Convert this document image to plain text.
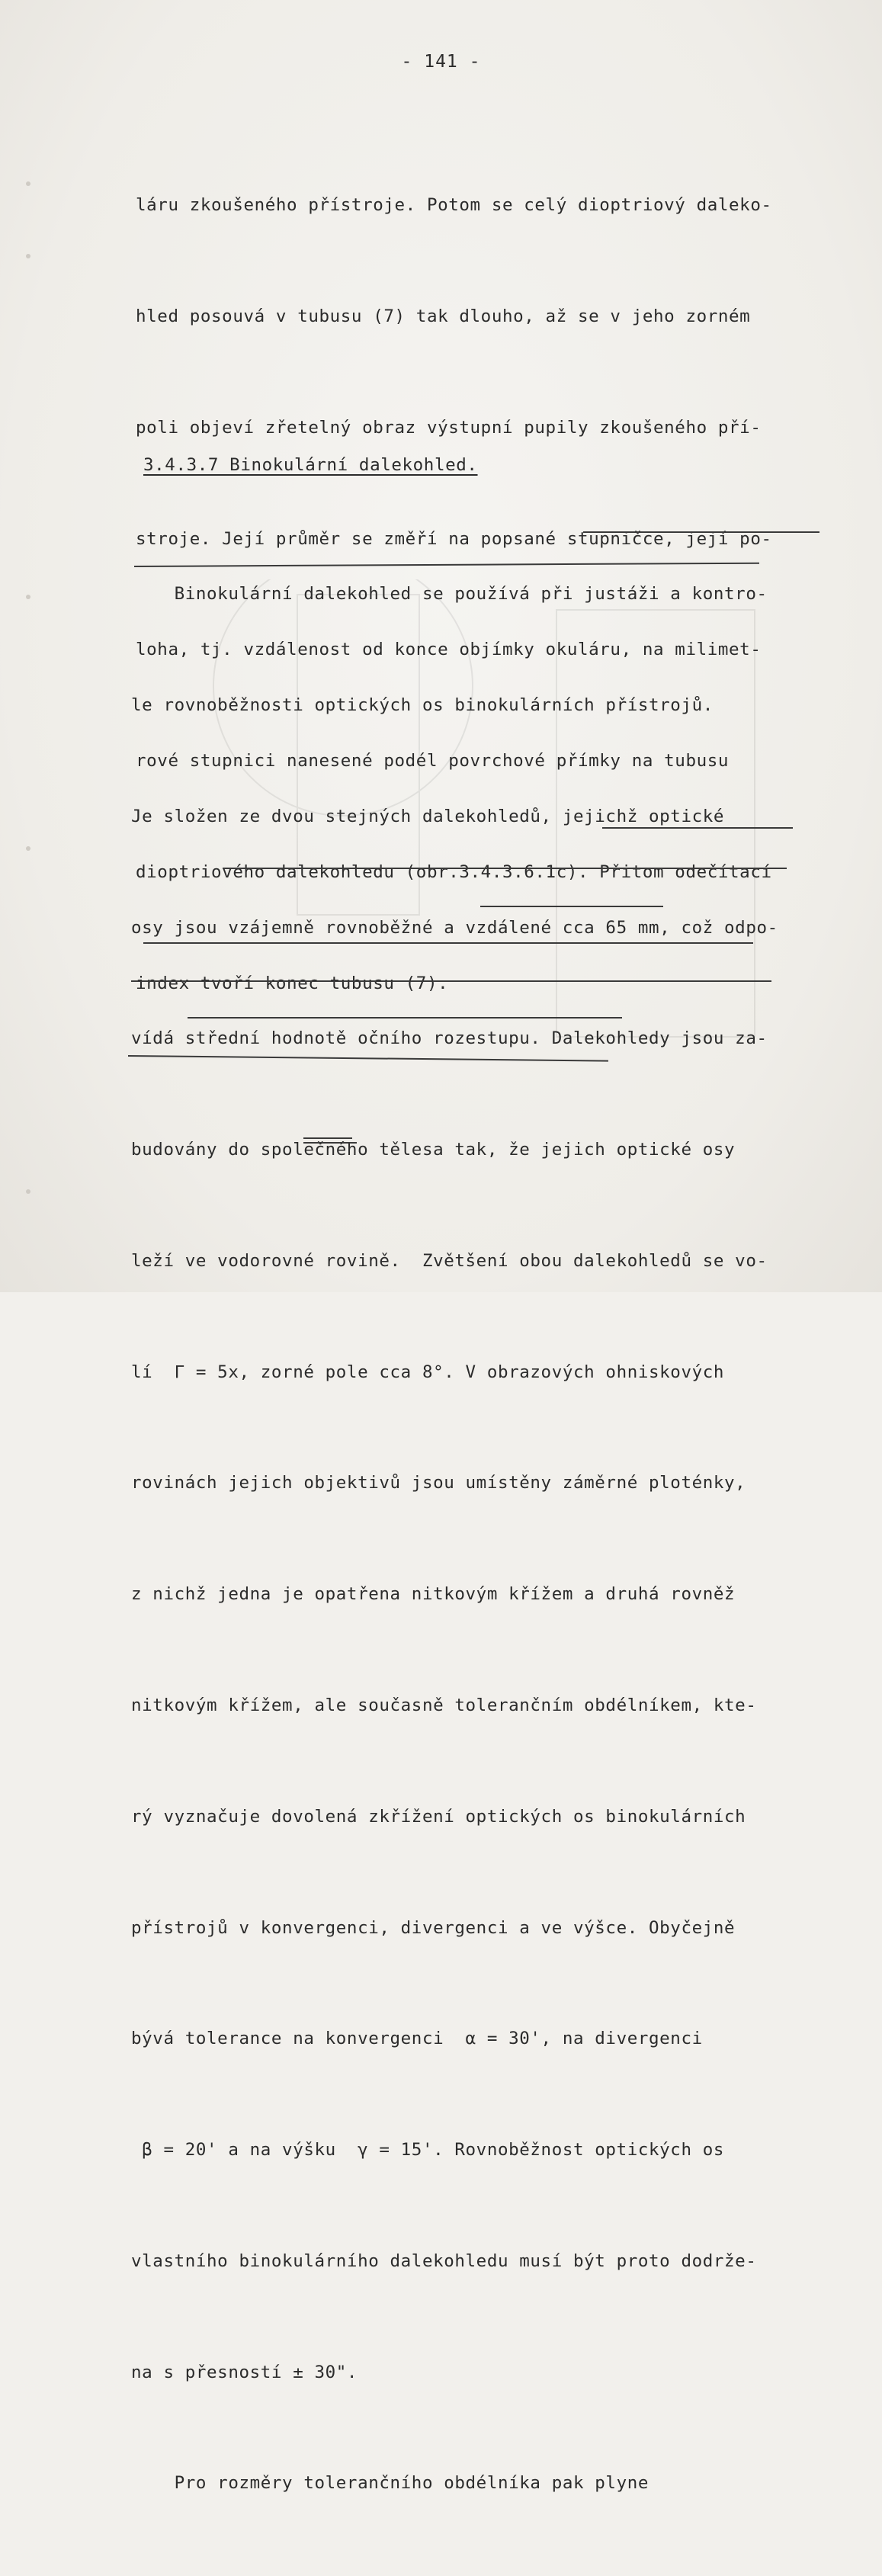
- 141 -

láru zkoušeného přístroje. Potom se celý dioptriový daleko-

hled posouvá v tubusu (7) tak dlouho, až se v jeho zorném

poli objeví zřetelný obraz výstupní pupily zkoušeného pří-

stroje. Její průměr se změří na popsané stupničce, její po-

loha, tj. vzdálenost od konce objímky okuláru, na milimet-

rové stupnici nanesené podél povrchové přímky na tubusu

dioptriového dalekohledu (obr.3.4.3.6.1c). Přitom odečítací

index tvoří konec tubusu (7).

3.4.3.7 Binokulární dalekohled.

Binokulární dalekohled se používá při justáži a kontro-

le rovnoběžnosti optických os binokulárních přístrojů.

Je složen ze dvou stejných dalekohledů, jejichž optické

osy jsou vzájemně rovnoběžné a vzdálené cca 65 mm, což odpo-

vídá střední hodnotě očního rozestupu. Dalekohledy jsou za-

budovány do společného tělesa tak, že jejich optické osy

leží ve vodorovné rovině.  Zvětšení obou dalekohledů se vo-

lí  Γ = 5x, zorné pole cca 8°. V obrazových ohniskových

rovinách jejich objektivů jsou umístěny záměrné ploténky,

z nichž jedna je opatřena nitkovým křížem a druhá rovněž

nitkovým křížem, ale současně tolerančním obdélníkem, kte-

rý vyznačuje dovolená zkřížení optických os binokulárních

přístrojů v konvergenci, divergenci a ve výšce. Obyčejně

bývá tolerance na konvergenci  α = 30', na divergenci

β = 20' a na výšku  γ = 15'. Rovnoběžnost optických os

vlastního binokulárního dalekohledu musí být proto dodrže-

na s přesností ± 30".

Pro rozměry tolerančního obdélníka pak plyne
